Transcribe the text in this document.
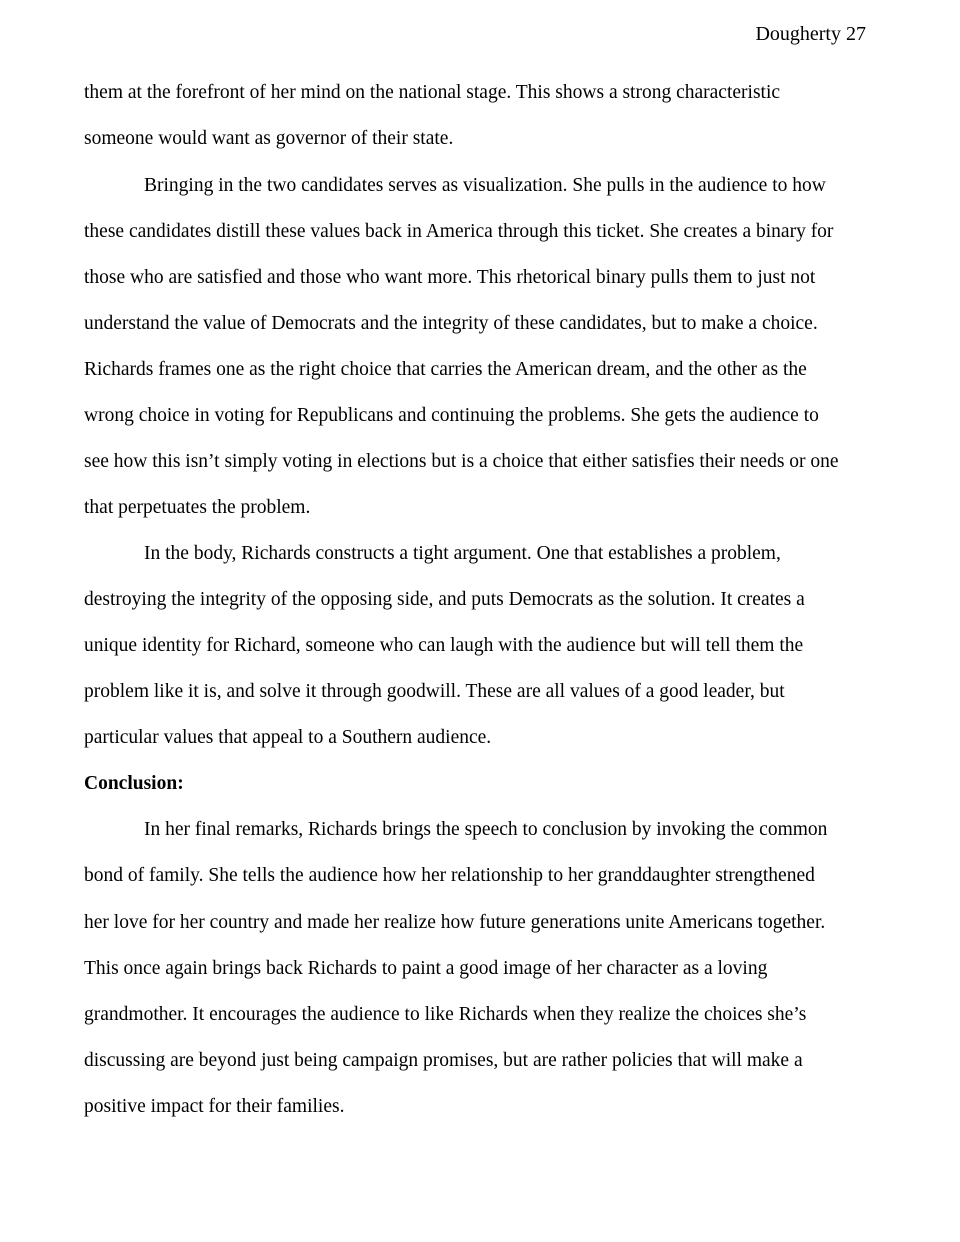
Dougherty 27
them at the forefront of her mind on the national stage. This shows a strong characteristic
someone would want as governor of their state.
Bringing in the two candidates serves as visualization. She pulls in the audience to how
these candidates distill these values back in America through this ticket. She creates a binary for
those who are satisfied and those who want more. This rhetorical binary pulls them to just not
understand the value of Democrats and the integrity of these candidates, but to make a choice.
Richards frames one as the right choice that carries the American dream, and the other as the
wrong choice in voting for Republicans and continuing the problems. She gets the audience to
see how this isn’t simply voting in elections but is a choice that either satisfies their needs or one
that perpetuates the problem.
In the body, Richards constructs a tight argument. One that establishes a problem,
destroying the integrity of the opposing side, and puts Democrats as the solution. It creates a
unique identity for Richard, someone who can laugh with the audience but will tell them the
problem like it is, and solve it through goodwill. These are all values of a good leader, but
particular values that appeal to a Southern audience.
Conclusion:
In her final remarks, Richards brings the speech to conclusion by invoking the common
bond of family. She tells the audience how her relationship to her granddaughter strengthened
her love for her country and made her realize how future generations unite Americans together.
This once again brings back Richards to paint a good image of her character as a loving
grandmother. It encourages the audience to like Richards when they realize the choices she’s
discussing are beyond just being campaign promises, but are rather policies that will make a
positive impact for their families.
